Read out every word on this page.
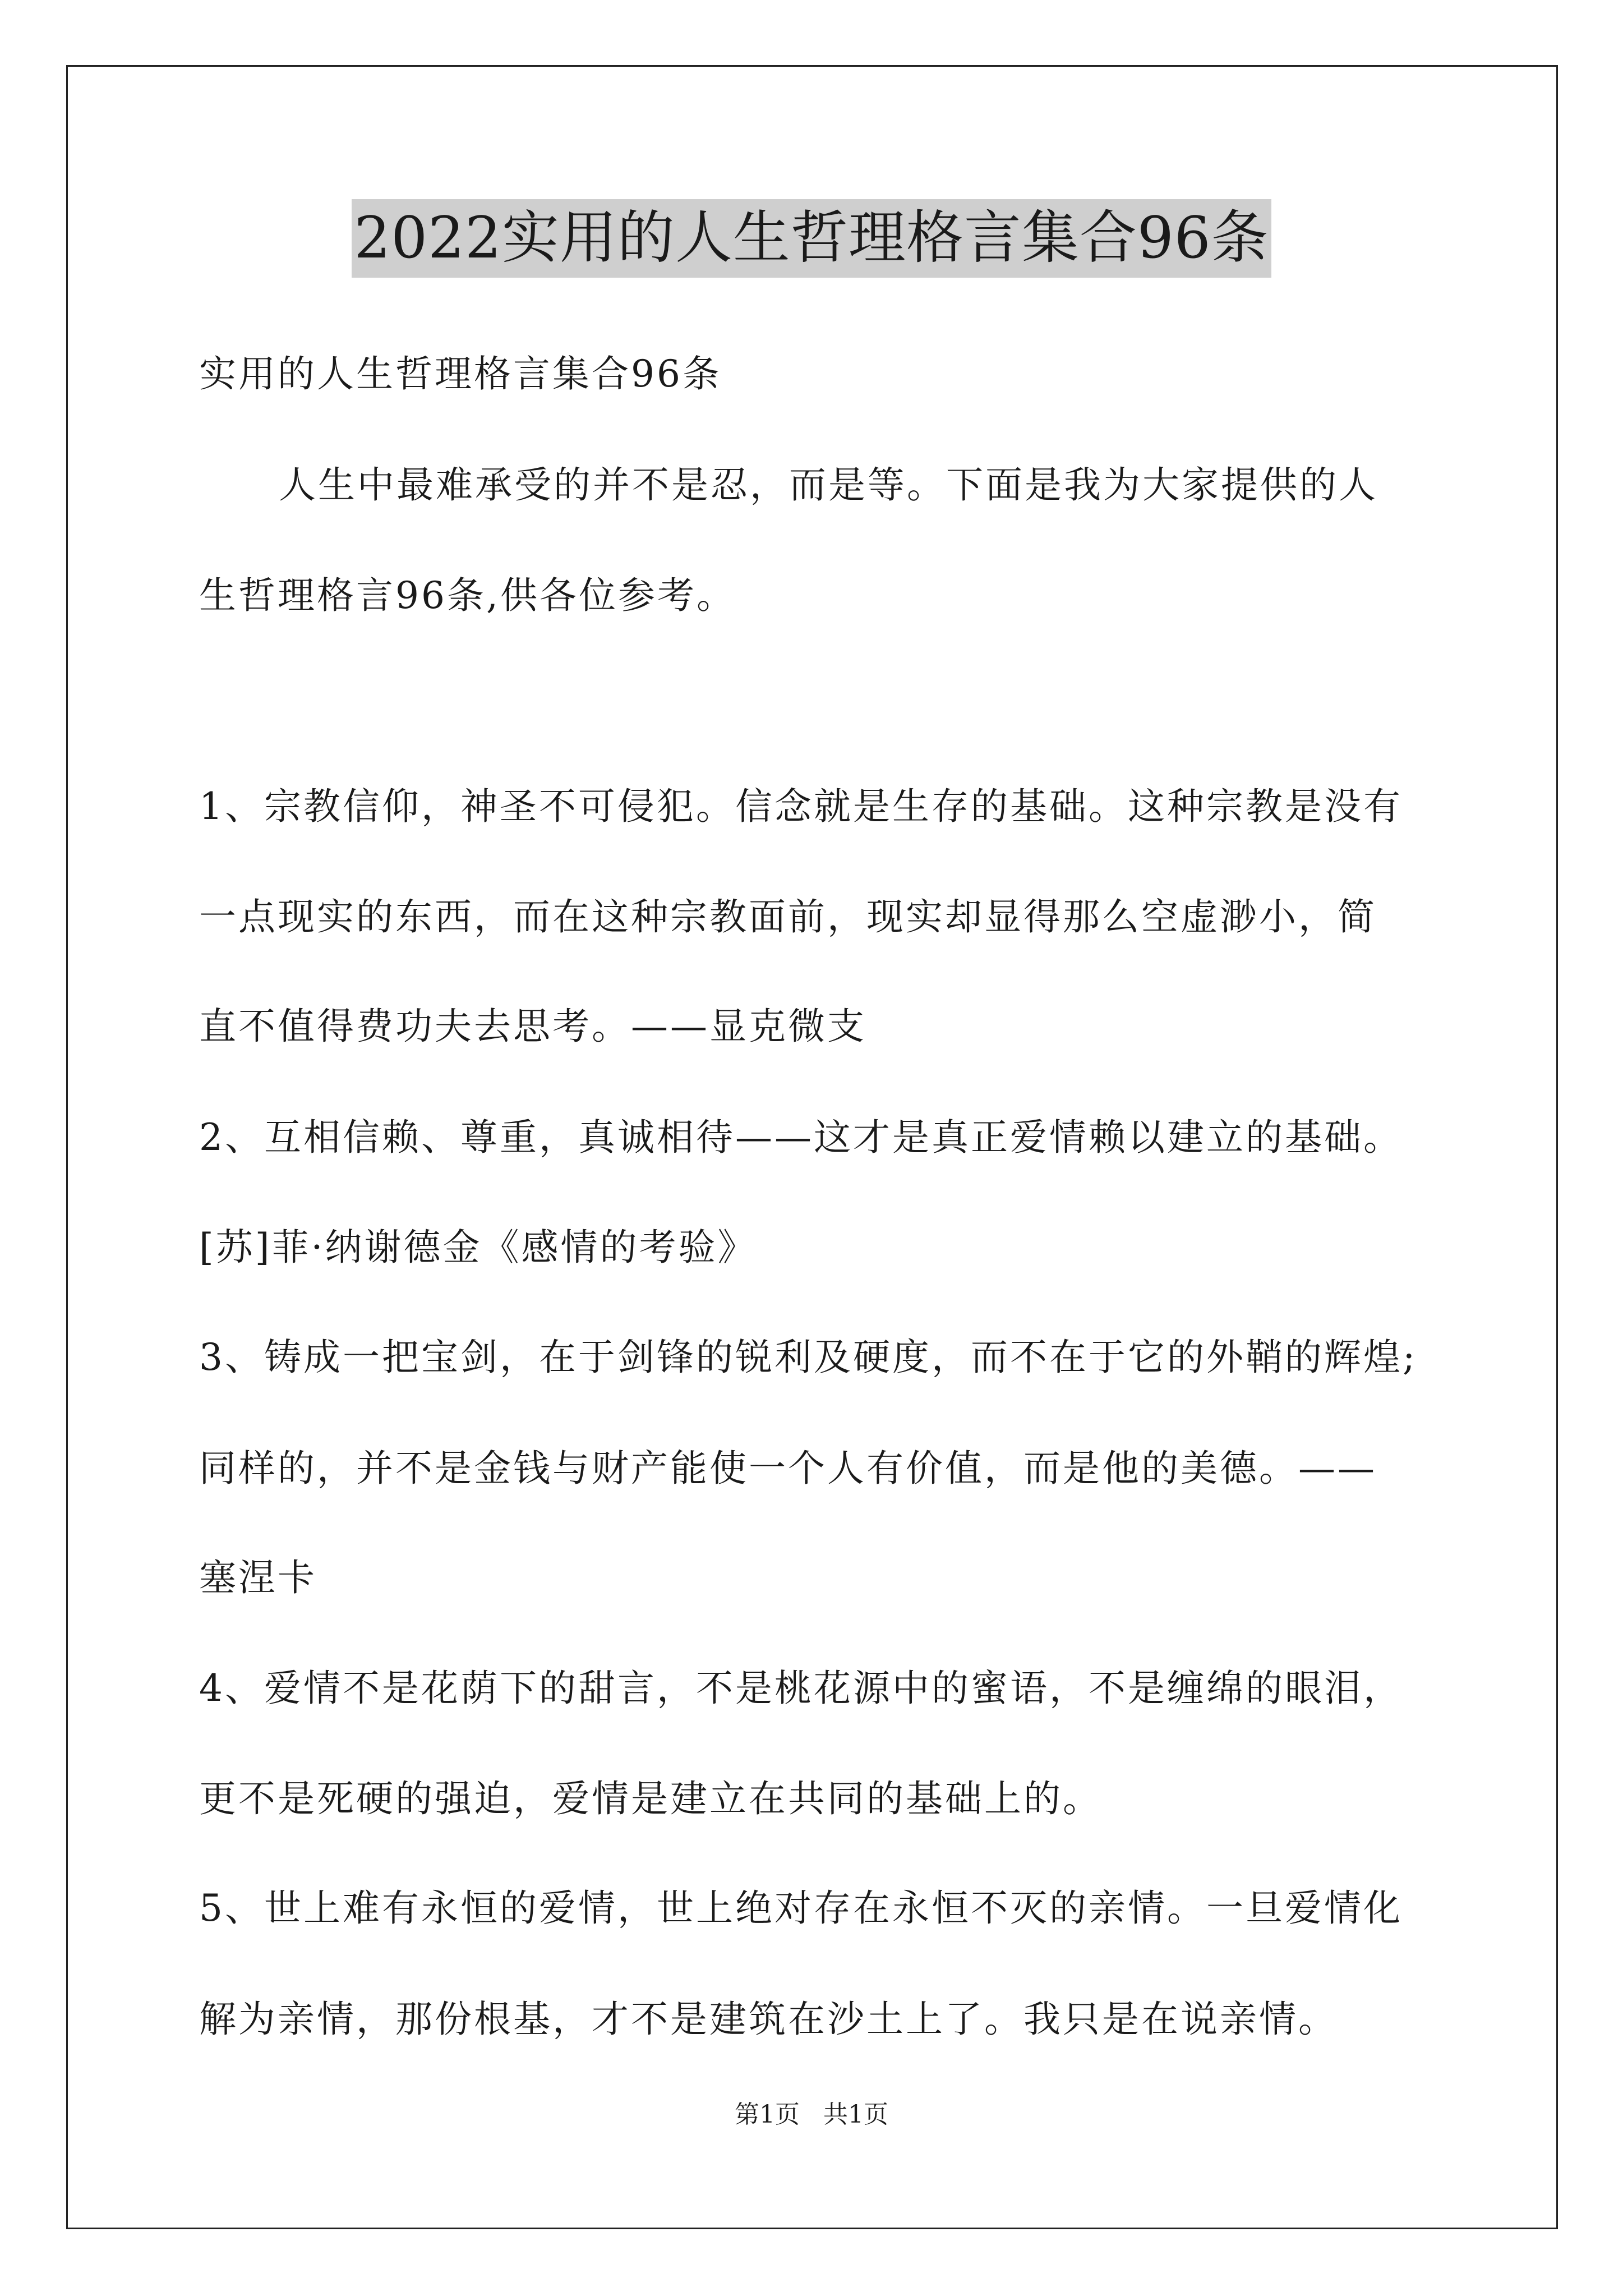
2022实用的人生哲理格言集合96条
实用的人生哲理格言集合96条
人生中最难承受的并不是忍，而是等。下面是我为大家提供的人
生哲理格言96条,供各位参考。
1、宗教信仰，神圣不可侵犯。信念就是生存的基础。这种宗教是没有
一点现实的东西，而在这种宗教面前，现实却显得那么空虚渺小，简
直不值得费功夫去思考。——显克微支
2、互相信赖、尊重，真诚相待——这才是真正爱情赖以建立的基础。
[苏]菲·纳谢德金《感情的考验》
3、铸成一把宝剑，在于剑锋的锐利及硬度，而不在于它的外鞘的辉煌;
同样的，并不是金钱与财产能使一个人有价值，而是他的美德。——
塞涅卡
4、爱情不是花荫下的甜言，不是桃花源中的蜜语，不是缠绵的眼泪，
更不是死硬的强迫，爱情是建立在共同的基础上的。
5、世上难有永恒的爱情，世上绝对存在永恒不灭的亲情。一旦爱情化
解为亲情，那份根基，才不是建筑在沙土上了。我只是在说亲情。
第1页   共1页
